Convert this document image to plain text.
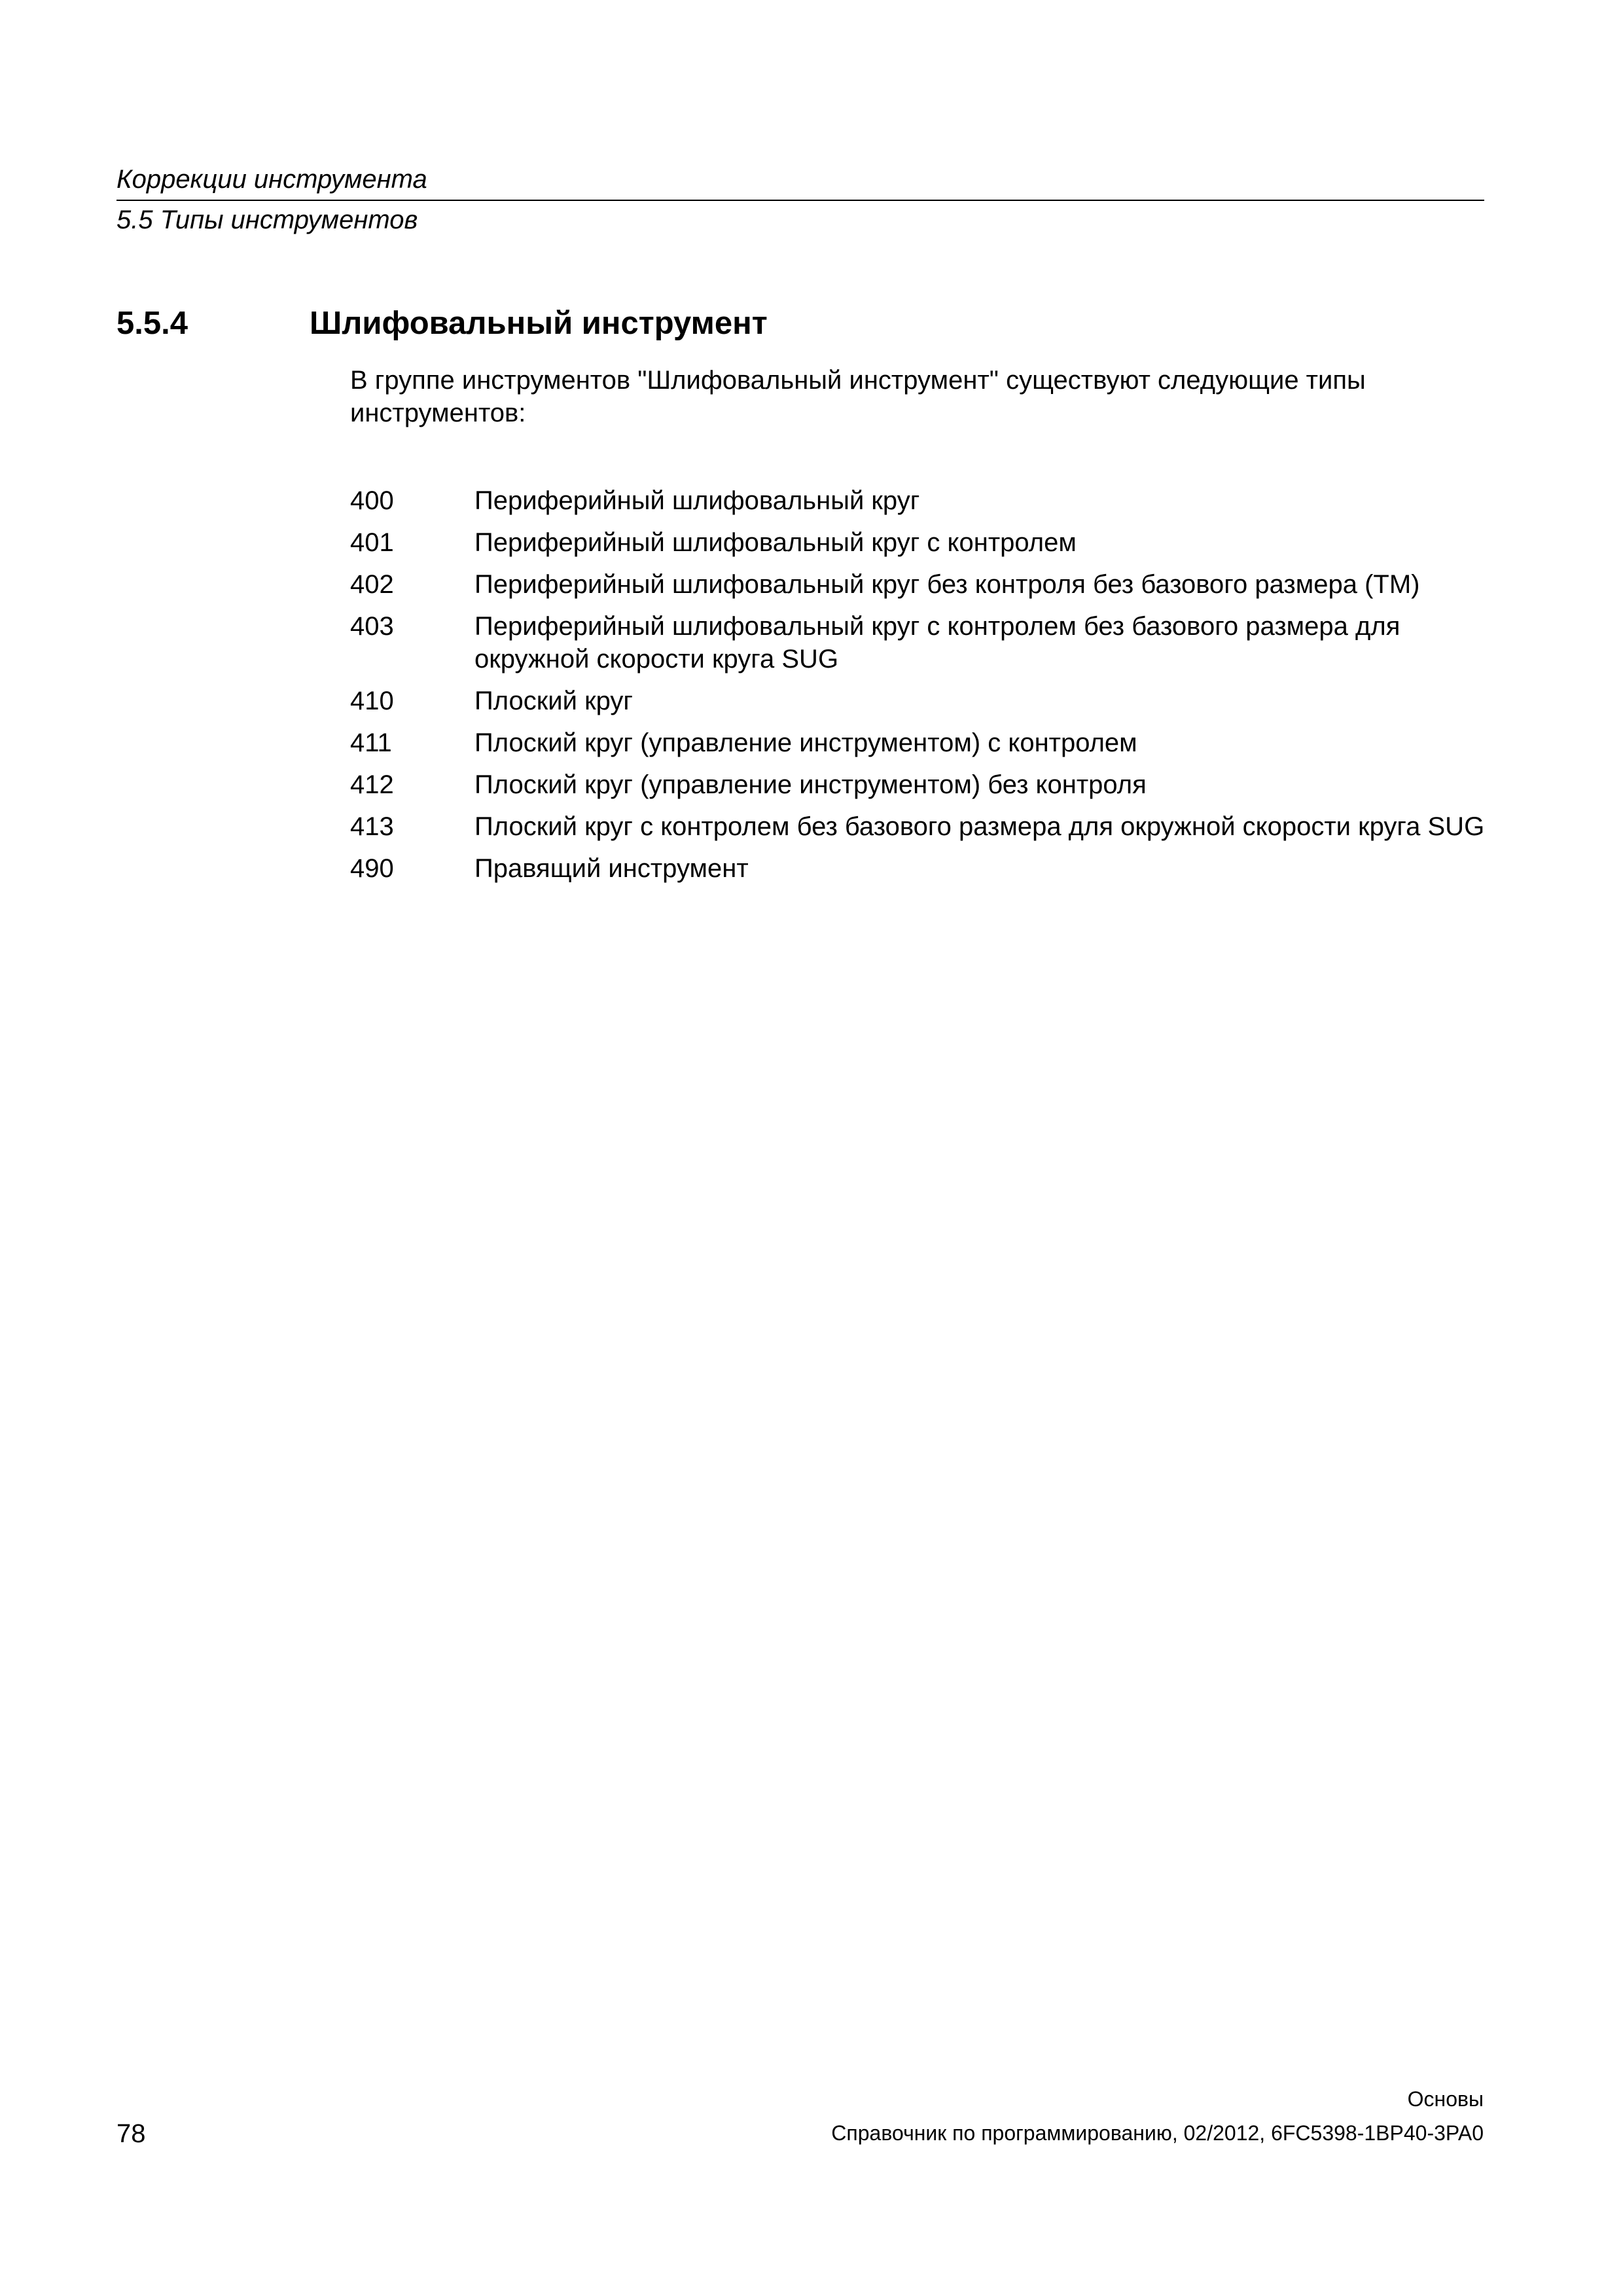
Коррекции инструмента
5.5 Типы инструментов
5.5.4	Шлифовальный инструмент

В группе инструментов "Шлифовальный инструмент" существуют следующие типы инструментов:

400	Периферийный шлифовальный круг
401	Периферийный шлифовальный круг с контролем
402	Периферийный шлифовальный круг без контроля без базового размера (TM)
403	Периферийный шлифовальный круг с контролем без базового размера для окружной скорости круга SUG
410	Плоский круг
411	Плоский круг (управление инструментом) с контролем
412	Плоский круг (управление инструментом) без контроля
413	Плоский круг с контролем без базового размера для окружной скорости круга SUG
490	Правящий инструмент
78
Основы
Справочник по программированию, 02/2012, 6FC5398-1BP40-3PA0
